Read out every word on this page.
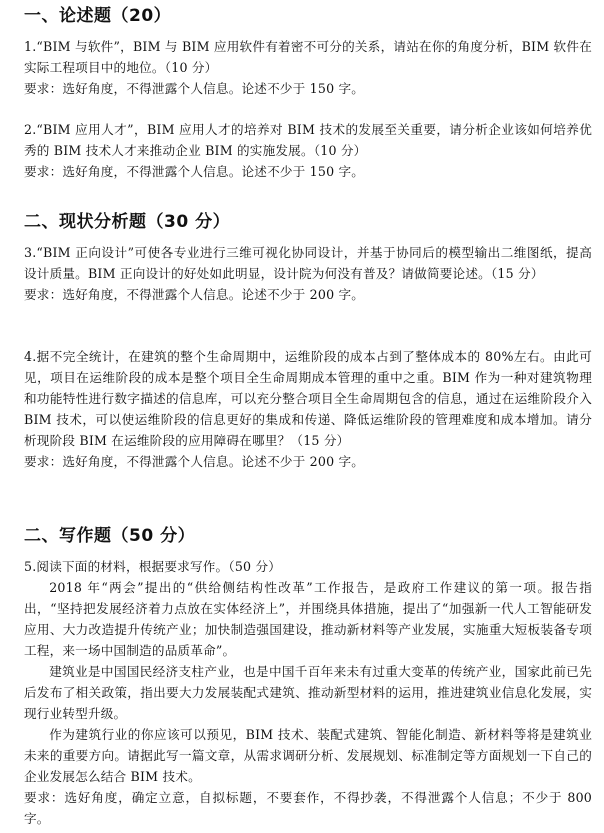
一、论述题（20）

1.“BIM 与软件”，BIM 与 BIM 应用软件有着密不可分的关系，请站在你的角度分析，BIM 软件在实际工程项目中的地位。（10 分）

要求：选好角度，不得泄露个人信息。论述不少于 150 字。

2.“BIM 应用人才”，BIM 应用人才的培养对 BIM 技术的发展至关重要，请分析企业该如何培养优秀的 BIM 技术人才来推动企业 BIM 的实施发展。（10 分）

要求：选好角度，不得泄露个人信息。论述不少于 150 字。

二、现状分析题（30 分）

3.“BIM 正向设计”可使各专业进行三维可视化协同设计，并基于协同后的模型输出二维图纸，提高设计质量。BIM 正向设计的好处如此明显，设计院为何没有普及？请做简要论述。（15 分）

要求：选好角度，不得泄露个人信息。论述不少于 200 字。

4.据不完全统计，在建筑的整个生命周期中，运维阶段的成本占到了整体成本的 80%左右。由此可见，项目在运维阶段的成本是整个项目全生命周期成本管理的重中之重。BIM 作为一种对建筑物理和功能特性进行数字描述的信息库，可以充分整合项目全生命周期包含的信息，通过在运维阶段介入 BIM 技术，可以使运维阶段的信息更好的集成和传递、降低运维阶段的管理难度和成本增加。请分析现阶段 BIM 在运维阶段的应用障碍在哪里？（15 分）

要求：选好角度，不得泄露个人信息。论述不少于 200 字。

二、写作题（50 分）

5.阅读下面的材料，根据要求写作。（50 分）

2018 年“两会”提出的“供给侧结构性改革”工作报告，是政府工作建议的第一项。报告指出，“坚持把发展经济着力点放在实体经济上”，并围绕具体措施，提出了“加强新一代人工智能研发应用、大力改造提升传统产业；加快制造强国建设，推动新材料等产业发展，实施重大短板装备专项工程，来一场中国制造的品质革命”。

建筑业是中国国民经济支柱产业，也是中国千百年来未有过重大变革的传统产业，国家此前已先后发布了相关政策，指出要大力发展装配式建筑、推动新型材料的运用，推进建筑业信息化发展，实现行业转型升级。

作为建筑行业的你应该可以预见，BIM 技术、装配式建筑、智能化制造、新材料等将是建筑业未来的重要方向。请据此写一篇文章，从需求调研分析、发展规划、标准制定等方面规划一下自己的企业发展怎么结合 BIM 技术。

要求：选好角度，确定立意，自拟标题，不要套作，不得抄袭，不得泄露个人信息；不少于 800 字。
